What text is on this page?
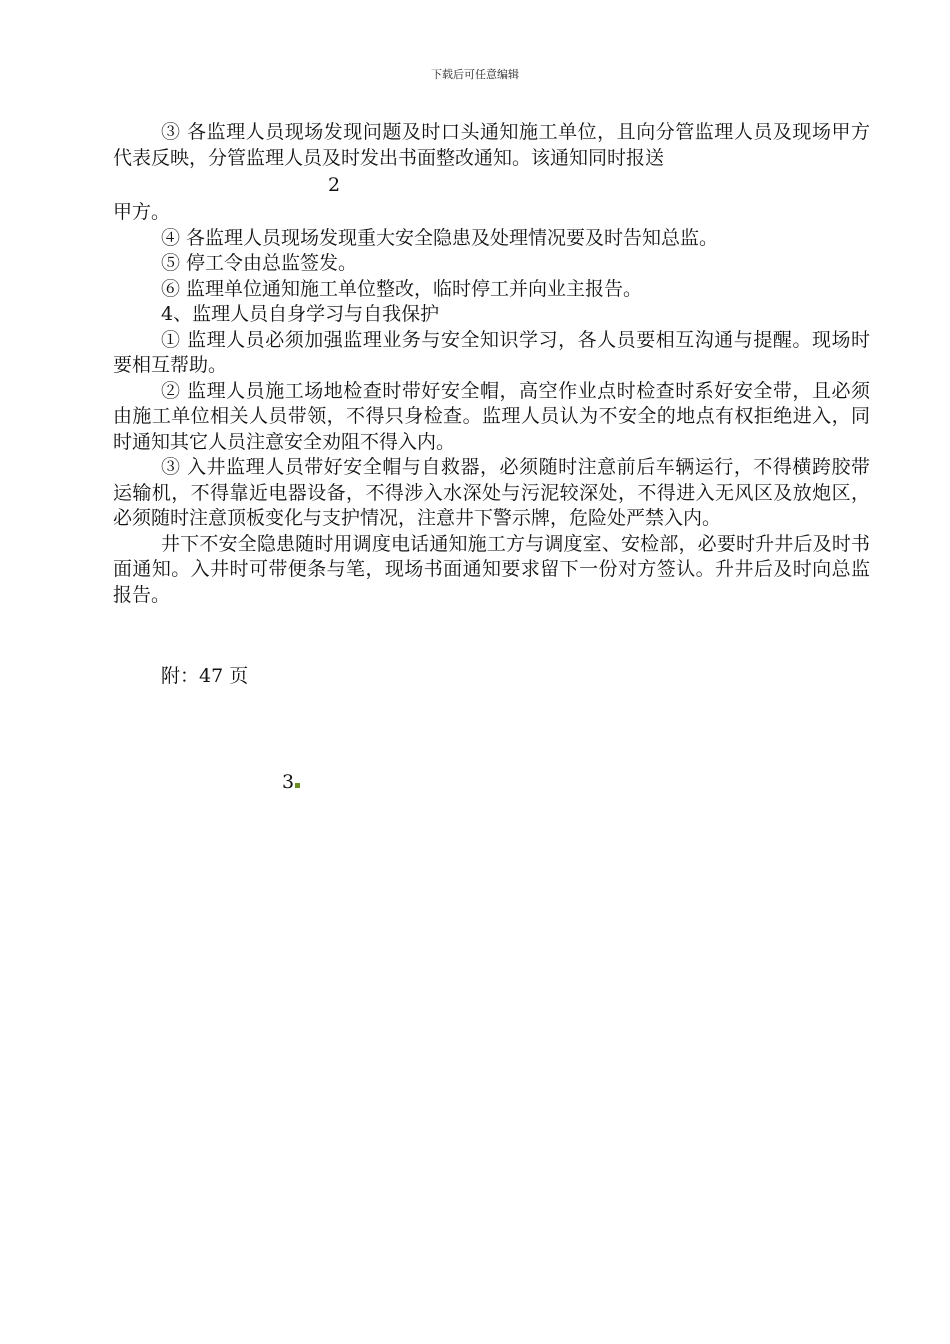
下载后可任意编辑

③ 各监理人员现场发现问题及时口头通知施工单位，且向分管监理人员及现场甲方代表反映，分管监理人员及时发出书面整改通知。该通知同时报送

2

甲方。

④ 各监理人员现场发现重大安全隐患及处理情况要及时告知总监。

⑤ 停工令由总监签发。

⑥ 监理单位通知施工单位整改，临时停工并向业主报告。

4、监理人员自身学习与自我保护

① 监理人员必须加强监理业务与安全知识学习，各人员要相互沟通与提醒。现场时要相互帮助。

② 监理人员施工场地检查时带好安全帽，高空作业点时检查时系好安全带，且必须由施工单位相关人员带领，不得只身检查。监理人员认为不安全的地点有权拒绝进入，同时通知其它人员注意安全劝阻不得入内。

③ 入井监理人员带好安全帽与自救器，必须随时注意前后车辆运行，不得横跨胶带运输机，不得靠近电器设备，不得涉入水深处与污泥较深处，不得进入无风区及放炮区，必须随时注意顶板变化与支护情况，注意井下警示牌，危险处严禁入内。

井下不安全隐患随时用调度电话通知施工方与调度室、安检部，必要时升井后及时书面通知。入井时可带便条与笔，现场书面通知要求留下一份对方签认。升井后及时向总监报告。

附：47 页

3
